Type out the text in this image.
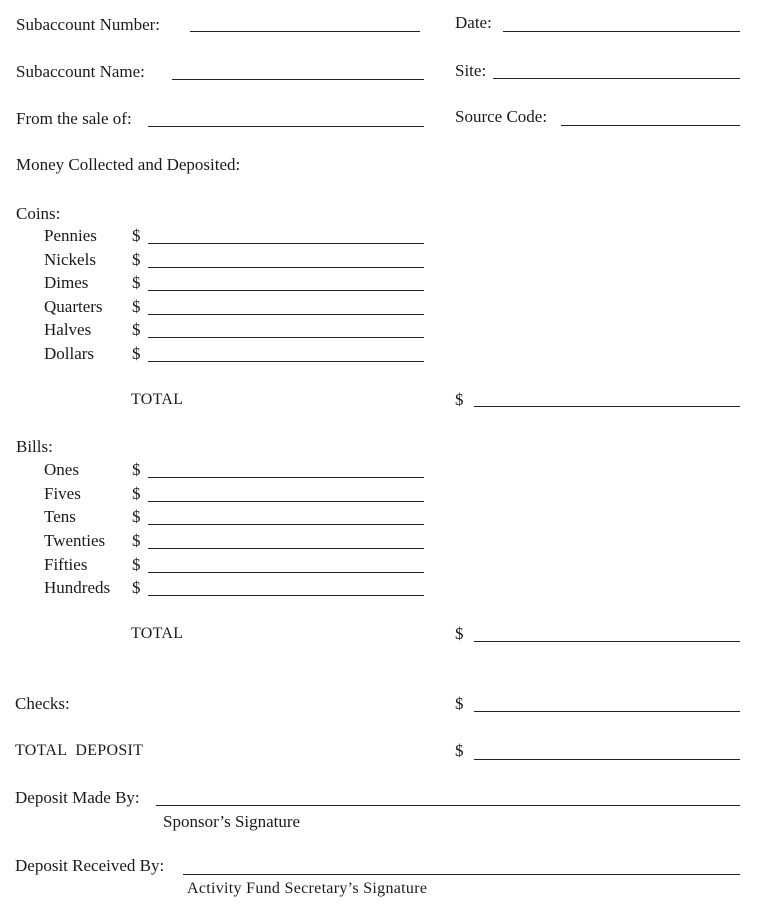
Subaccount Number:	Date:
Subaccount Name:	Site:
From the sale of:	Source Code:
Money Collected and Deposited:
Coins:
Pennies $
Nickels $
Dimes	$
Quarters $
Halves $
Dollars $
TOTAL	$
Bills:
Ones	$
Fives	$
Tens	$
Twenties $
Fifties	$
Hundreds $
TOTAL	$
Checks:	$
TOTAL  DEPOSIT	$
Deposit Made By:
Sponsor’s Signature
Deposit Received By:
Activity Fund Secretary’s Signature
